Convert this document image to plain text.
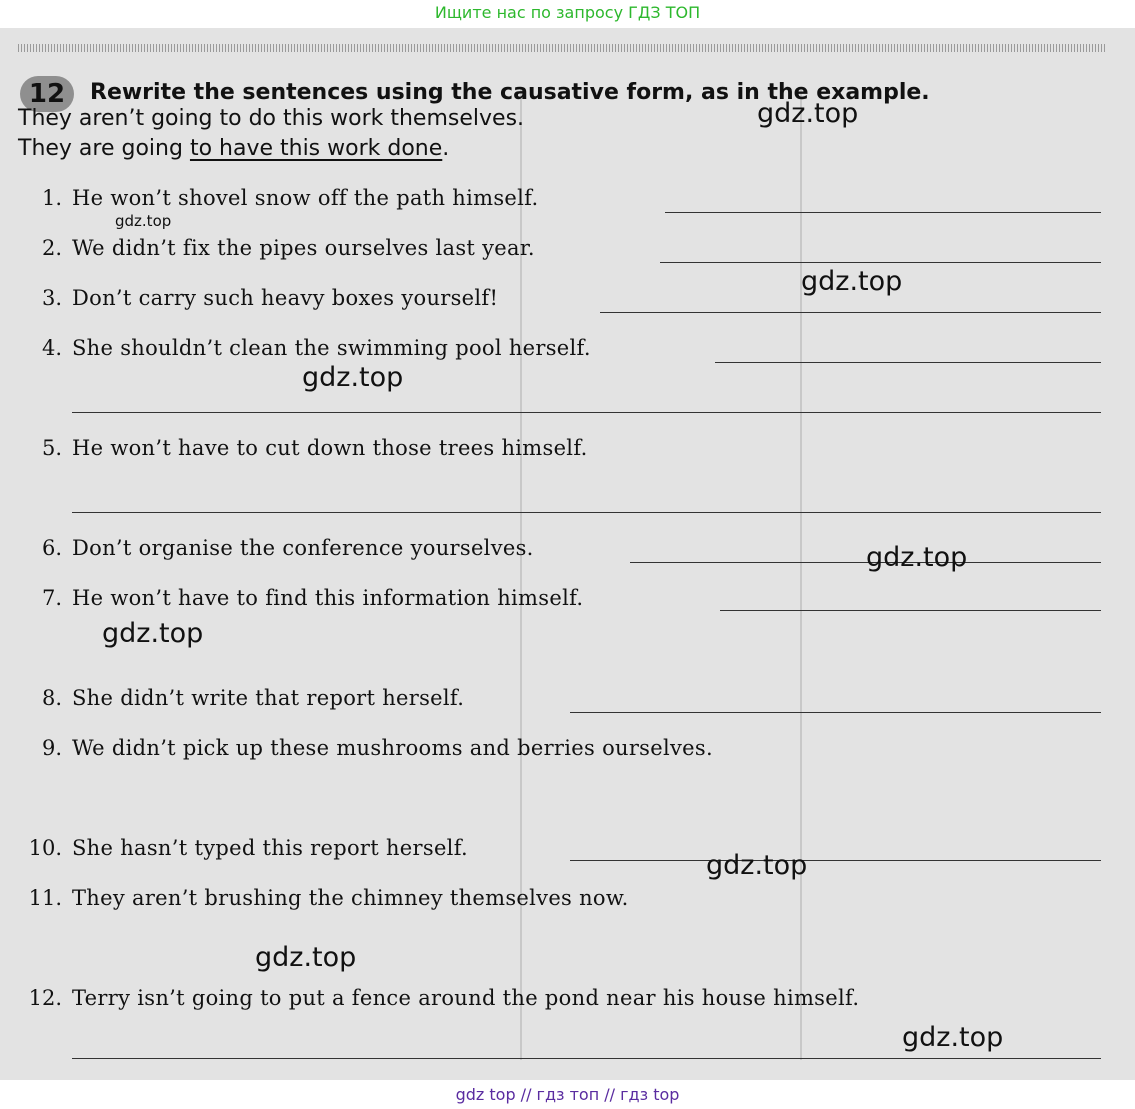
Ищите нас по запросу ГДЗ ТОП
12	Rewrite the sentences using the causative form, as in the example.
They aren’t going to do this work themselves.
They are going to have this work done.
1. He won’t shovel snow off the path himself.
2. We didn’t fix the pipes ourselves last year.
3. Don’t carry such heavy boxes yourself!
4. She shouldn’t clean the swimming pool herself.
5. He won’t have to cut down those trees himself.
6. Don’t organise the conference yourselves.
7. He won’t have to find this information himself.
8. She didn’t write that report herself.
9. We didn’t pick up these mushrooms and berries ourselves.
10. She hasn’t typed this report herself.
11. They aren’t brushing the chimney themselves now.
12. Terry isn’t going to put a fence around the pond near his house himself.
gdz.top
gdz.top
gdz.top
gdz.top
gdz.top
gdz.top
gdz.top
gdz.top
gdz.top
gdz top // гдз топ // гдз top
